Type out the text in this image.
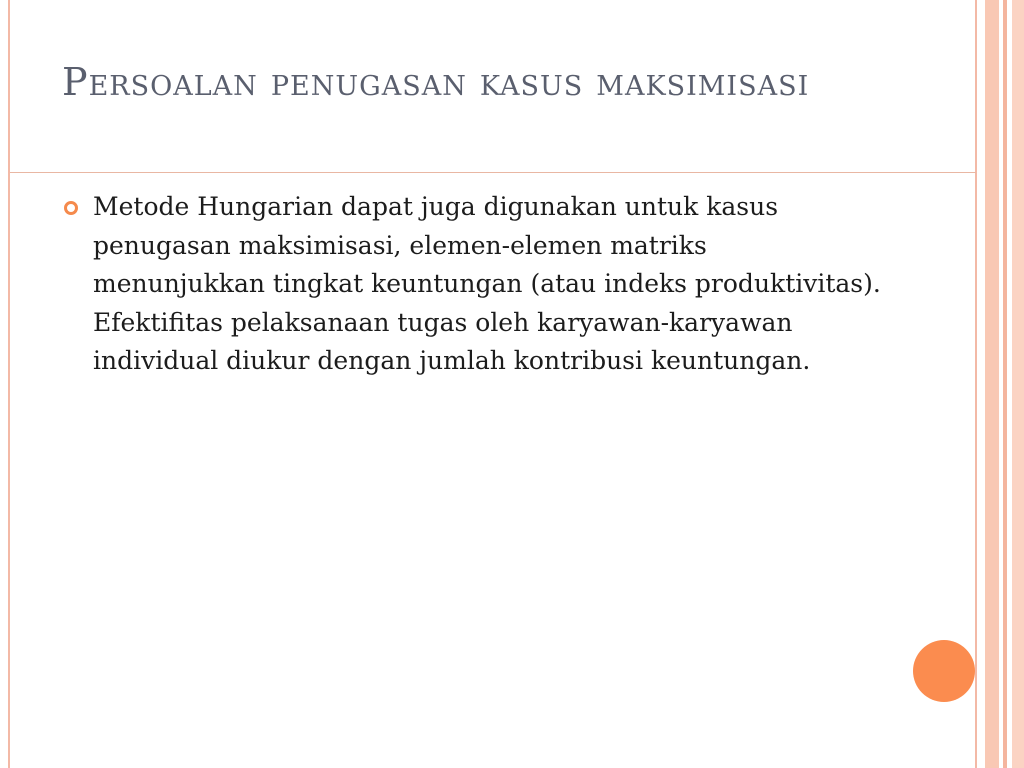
Persoalan penugasan kasus maksimisasi
Metode Hungarian dapat juga digunakan untuk kasus penugasan maksimisasi, elemen-elemen matriks menunjukkan tingkat keuntungan (atau indeks produktivitas). Efektifitas pelaksanaan tugas oleh karyawan-karyawan individual diukur dengan jumlah kontribusi keuntungan.
